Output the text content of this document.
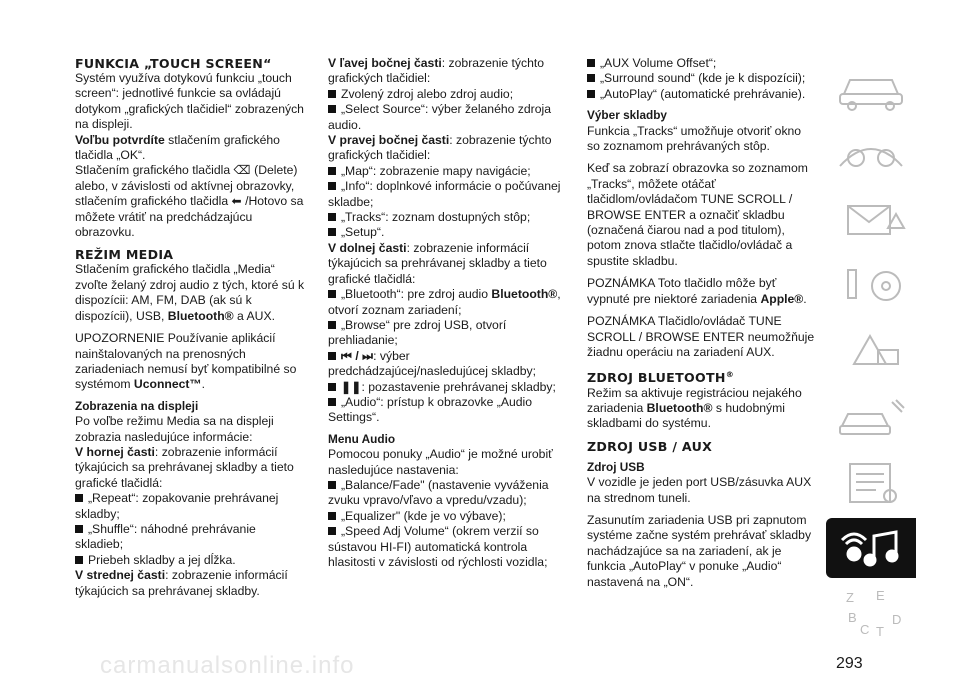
FUNKCIA „TOUCH SCREEN“

Systém využíva dotykovú funkciu „touch screen“: jednotlivé funkcie sa ovládajú dotykom „grafických tlačidiel“ zobrazených na displeji.

Voľbu potvrdíte stlačením grafického tlačidla „OK“.

Stlačením grafického tlačidla ⌫ (Delete) alebo, v závislosti od aktívnej obrazovky, stlačením grafického tlačidla ⬅ /Hotovo sa môžete vrátiť na predchádzajúcu obrazovku.

REŽIM MEDIA

Stlačením grafického tlačidla „Media“ zvoľte želaný zdroj audio z tých, ktoré sú k dispozícii: AM, FM, DAB (ak sú k dispozícii), USB, Bluetooth® a AUX.

UPOZORNENIE Používanie aplikácií nainštalovaných na prenosných zariadeniach nemusí byť kompatibilné so systémom Uconnect™.

Zobrazenia na displeji

Po voľbe režimu Media sa na displeji zobrazia nasledujúce informácie:

V hornej časti: zobrazenie informácií týkajúcich sa prehrávanej skladby a tieto grafické tlačidlá:

„Repeat“: zopakovanie prehrávanej skladby;

„Shuffle“: náhodné prehrávanie skladieb;

Priebeh skladby a jej dĺžka.

V strednej časti: zobrazenie informácií týkajúcich sa prehrávanej skladby.

V ľavej bočnej časti: zobrazenie týchto grafických tlačidiel:

Zvolený zdroj alebo zdroj audio;

„Select Source“: výber želaného zdroja audio.

V pravej bočnej časti: zobrazenie týchto grafických tlačidiel:

„Map“: zobrazenie mapy navigácie;

„Info“: doplnkové informácie o počúvanej skladbe;

„Tracks“: zoznam dostupných stôp;

„Setup“.

V dolnej časti: zobrazenie informácií týkajúcich sa prehrávanej skladby a tieto grafické tlačidlá:

„Bluetooth“: pre zdroj audio Bluetooth®, otvorí zoznam zariadení;

„Browse“ pre zdroj USB, otvorí prehliadanie;

⏮ / ⏭: výber predchádzajúcej/nasledujúcej skladby;

❚❚: pozastavenie prehrávanej skladby;

„Audio“: prístup k obrazovke „Audio Settings“.

Menu Audio

Pomocou ponuky „Audio“ je možné urobiť nasledujúce nastavenia:

„Balance/Fade" (nastavenie vyváženia zvuku vpravo/vľavo a vpredu/vzadu);

„Equalizer" (kde je vo výbave);

„Speed Adj Volume“ (okrem verzií so sústavou HI-FI) automatická kontrola hlasitosti v závislosti od rýchlosti vozidla;

„AUX Volume Offset“;

„Surround sound“ (kde je k dispozícii);

„AutoPlay“ (automatické prehrávanie).

Výber skladby

Funkcia „Tracks“ umožňuje otvoriť okno so zoznamom prehrávaných stôp.

Keď sa zobrazí obrazovka so zoznamom „Tracks“, môžete otáčať tlačidlom/ovládačom TUNE SCROLL / BROWSE ENTER a označiť skladbu (označená čiarou nad a pod titulom), potom znova stlačte tlačidlo/ovládač a spustite skladbu.

POZNÁMKA Toto tlačidlo môže byť vypnuté pre niektoré zariadenia Apple®.

POZNÁMKA Tlačidlo/ovládač TUNE SCROLL / BROWSE ENTER neumožňuje žiadnu operáciu na zariadení AUX.

ZDROJ BLUETOOTH®

Režim sa aktivuje registráciou nejakého zariadenia Bluetooth® s hudobnými skladbami do systému.

ZDROJ USB / AUX

Zdroj USB

V vozidle je jeden port USB/zásuvka AUX na strednom tuneli.

Zasunutím zariadenia USB pri zapnutom systéme začne systém prehrávať skladby nachádzajúce sa na zariadení, ak je funkcia „AutoPlay“ v ponuke „Audio“ nastavená na „ON“.

Z E
B
C T
D
293
carmanualsonline.info
